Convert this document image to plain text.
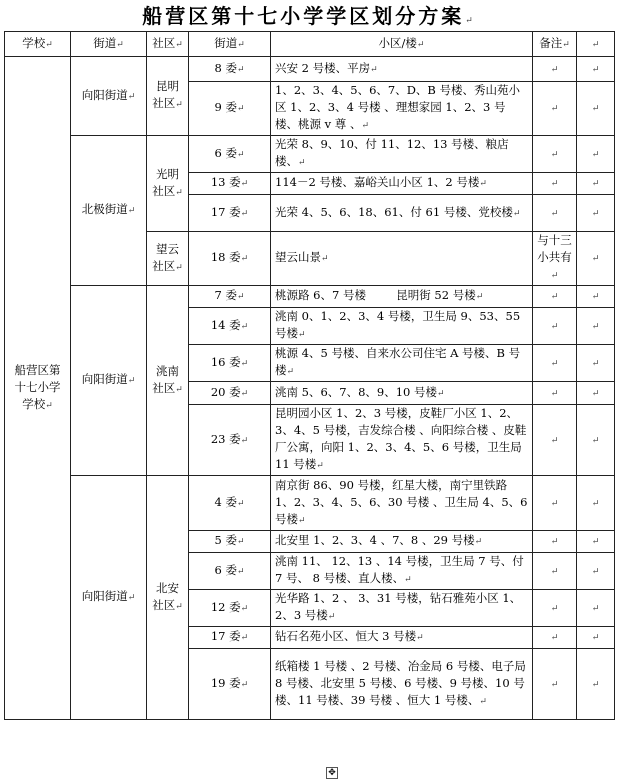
船营区第十七小学学区划分方案↵
学校↵	街道↵	社区↵	街道↵	小区/楼↵	备注↵	↵
船营区第十七小学学校↵	向阳街道↵	昆明社区↵	8 委↵	兴安 2 号楼、平房↵	↵	↵
			9 委↵	1、2、3、4、5、6、7、D、B 号楼、秀山苑小区 1、2、3、4 号楼 、理想家园 1、2、3 号楼、桃源 v 尊 、↵	↵	↵
	北极街道↵	光明社区↵	6 委↵	光荣 8、9、10、付 11、12、13 号楼、粮店楼、↵	↵	↵
			13 委↵	114－2 号楼、嘉峪关山小区 1、2 号楼↵	↵	↵
			17 委↵	光荣 4、5、6、18、61、付 61 号楼、党校楼↵	↵	↵
		望云社区↵	18 委↵	望云山景↵	与十三小共有↵	↵
	向阳街道↵	洮南社区↵	7 委↵	桃源路 6、7 号楼 　　 昆明街 52 号楼↵	↵	↵
			14 委↵	洮南 0、1、2、3、4 号楼，卫生局 9、53、55 号楼↵	↵	↵
			16 委↵	桃源 4、5 号楼、自来水公司住宅 A 号楼、B 号楼↵	↵	↵
			20 委↵	洮南 5、6、7、8、9、10 号楼↵	↵	↵
			23 委↵	昆明园小区 1、2、3 号楼，皮鞋厂小区 1、2、3、4、5 号楼，吉发综合楼 、向阳综合楼 、皮鞋厂公寓，向阳 1、2、3、4、5、6 号楼，卫生局 11 号楼↵	↵	↵
	向阳街道↵	北安社区↵	4 委↵	南京街 86、90 号楼，红星大楼，南宁里铁路 1、2、3、4、5、6、30 号楼 、卫生局 4、5、6 号楼↵	↵	↵
			5 委↵	北安里 1、2、3、4 、7、8 、29 号楼↵	↵	↵
			6 委↵	洮南 11、 12、13 、14 号楼，卫生局 7 号、付 7 号、 8 号楼、直人楼、↵	↵	↵
			12 委↵	光华路 1、2 、 3、31 号楼，钻石雅苑小区 1、2、3 号楼↵	↵	↵
			17 委↵	钻石名苑小区、恒大 3 号楼↵	↵	↵
			19 委↵	纸箱楼 1 号楼 、2 号楼、冶金局 6 号楼、电子局 8 号楼、北安里 5 号楼、6 号楼、9 号楼、10 号楼、11 号楼、39 号楼 、恒大 1 号楼、↵	↵	↵
✥
